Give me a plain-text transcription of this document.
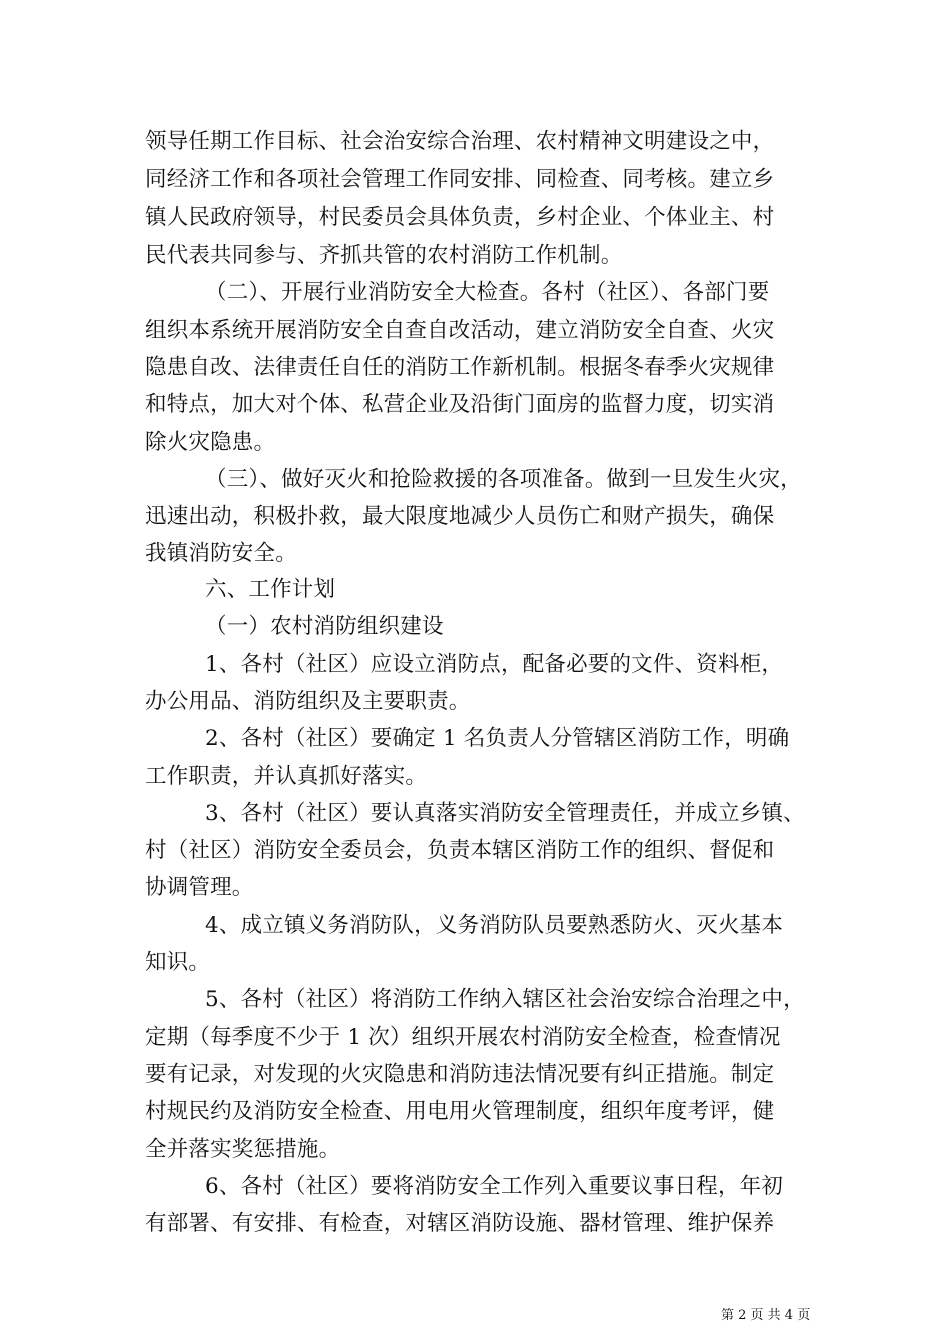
领导任期工作目标、社会治安综合治理、农村精神文明建设之中，
同经济工作和各项社会管理工作同安排、同检查、同考核。建立乡
镇人民政府领导，村民委员会具体负责，乡村企业、个体业主、村
民代表共同参与、齐抓共管的农村消防工作机制。
（二）、开展行业消防安全大检查。各村（社区）、各部门要
组织本系统开展消防安全自查自改活动，建立消防安全自查、火灾
隐患自改、法律责任自任的消防工作新机制。根据冬春季火灾规律
和特点，加大对个体、私营企业及沿街门面房的监督力度，切实消
除火灾隐患。
（三）、做好灭火和抢险救援的各项准备。做到一旦发生火灾，
迅速出动，积极扑救，最大限度地减少人员伤亡和财产损失，确保
我镇消防安全。
六、工作计划
（一）农村消防组织建设
1、各村（社区）应设立消防点，配备必要的文件、资料柜，
办公用品、消防组织及主要职责。
2、各村（社区）要确定 1 名负责人分管辖区消防工作，明确
工作职责，并认真抓好落实。
3、各村（社区）要认真落实消防安全管理责任，并成立乡镇、
村（社区）消防安全委员会，负责本辖区消防工作的组织、督促和
协调管理。
4、成立镇义务消防队，义务消防队员要熟悉防火、灭火基本
知识。
5、各村（社区）将消防工作纳入辖区社会治安综合治理之中，
定期（每季度不少于 1 次）组织开展农村消防安全检查，检查情况
要有记录，对发现的火灾隐患和消防违法情况要有纠正措施。制定
村规民约及消防安全检查、用电用火管理制度，组织年度考评，健
全并落实奖惩措施。
6、各村（社区）要将消防安全工作列入重要议事日程，年初
有部署、有安排、有检查，对辖区消防设施、器材管理、维护保养
第 2 页 共 4 页
